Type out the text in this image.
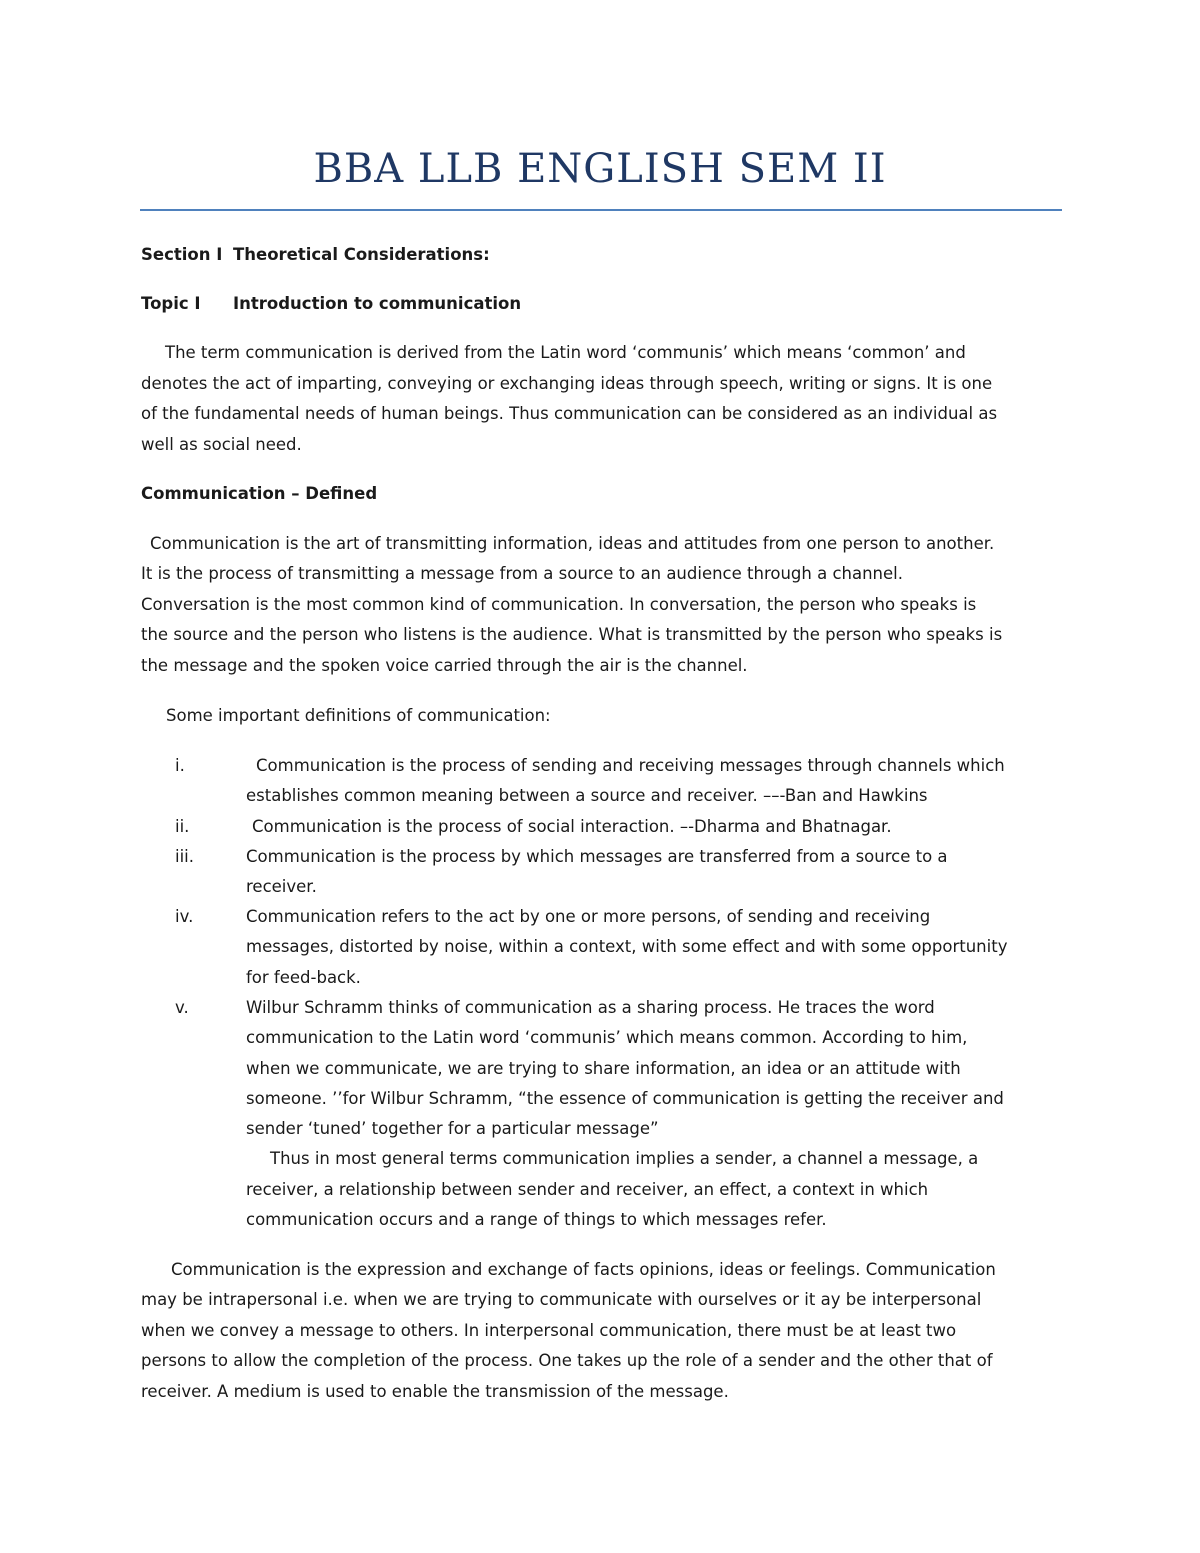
BBA LLB ENGLISH SEM II
Section I Theoretical Considerations:
Topic I Introduction to communication
The term communication is derived from the Latin word ‘communis’ which means ‘common’ and
denotes the act of imparting, conveying or exchanging ideas through speech, writing or signs. It is one
of the fundamental needs of human beings. Thus communication can be considered as an individual as
well as social need.
Communication – Defined
Communication is the art of transmitting information, ideas and attitudes from one person to another.
It is the process of transmitting a message from a source to an audience through a channel.
Conversation is the most common kind of communication. In conversation, the person who speaks is
the source and the person who listens is the audience. What is transmitted by the person who speaks is
the message and the spoken voice carried through the air is the channel.
Some important definitions of communication:
i.	Communication is the process of sending and receiving messages through channels which
establishes common meaning between a source and receiver. ––-Ban and Hawkins
ii.	Communication is the process of social interaction. –-Dharma and Bhatnagar.
iii.	Communication is the process by which messages are transferred from a source to a
receiver.
iv.	Communication refers to the act by one or more persons, of sending and receiving
messages, distorted by noise, within a context, with some effect and with some opportunity
for feed-back.
v.	Wilbur Schramm thinks of communication as a sharing process. He traces the word
communication to the Latin word ‘communis’ which means common. According to him,
when we communicate, we are trying to share information, an idea or an attitude with
someone. ’’for Wilbur Schramm, “the essence of communication is getting the receiver and
sender ‘tuned’ together for a particular message”
Thus in most general terms communication implies a sender, a channel a message, a
receiver, a relationship between sender and receiver, an effect, a context in which
communication occurs and a range of things to which messages refer.
Communication is the expression and exchange of facts opinions, ideas or feelings. Communication
may be intrapersonal i.e. when we are trying to communicate with ourselves or it ay be interpersonal
when we convey a message to others. In interpersonal communication, there must be at least two
persons to allow the completion of the process. One takes up the role of a sender and the other that of
receiver. A medium is used to enable the transmission of the message.
